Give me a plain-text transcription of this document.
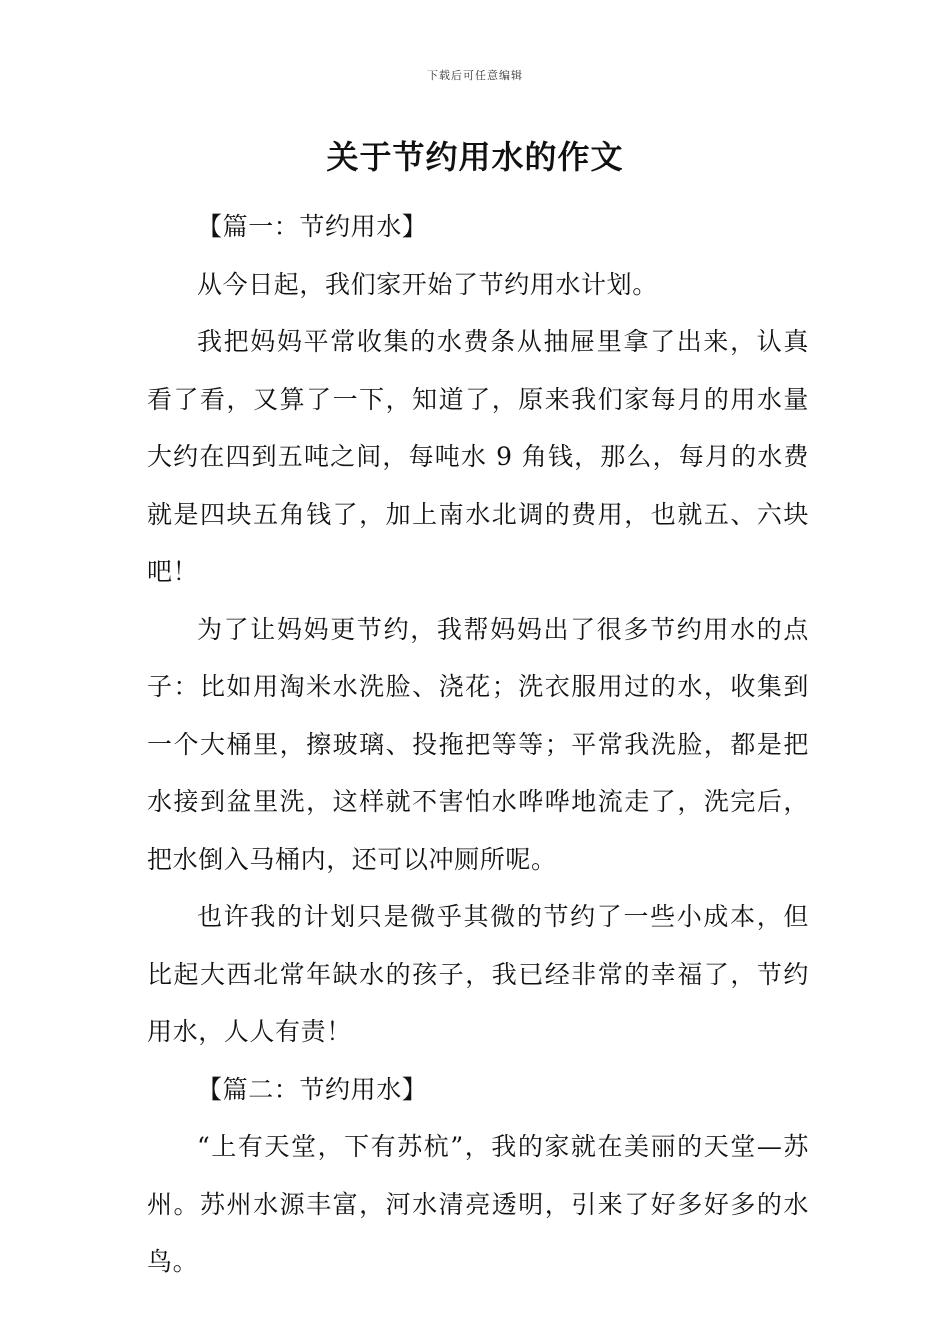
下载后可任意编辑
关于节约用水的作文

【篇一：节约用水】

从今日起，我们家开始了节约用水计划。

我把妈妈平常收集的水费条从抽屉里拿了出来，认真看了看，又算了一下，知道了，原来我们家每月的用水量大约在四到五吨之间，每吨水 9 角钱，那么，每月的水费就是四块五角钱了，加上南水北调的费用，也就五、六块吧！

为了让妈妈更节约，我帮妈妈出了很多节约用水的点子：比如用淘米水洗脸、浇花；洗衣服用过的水，收集到一个大桶里，擦玻璃、投拖把等等；平常我洗脸，都是把水接到盆里洗，这样就不害怕水哗哗地流走了，洗完后，把水倒入马桶内，还可以冲厕所呢。

也许我的计划只是微乎其微的节约了一些小成本，但比起大西北常年缺水的孩子，我已经非常的幸福了，节约用水，人人有责！

【篇二：节约用水】

“上有天堂，下有苏杭”，我的家就在美丽的天堂—苏州。苏州水源丰富，河水清亮透明，引来了好多好多的水鸟。
